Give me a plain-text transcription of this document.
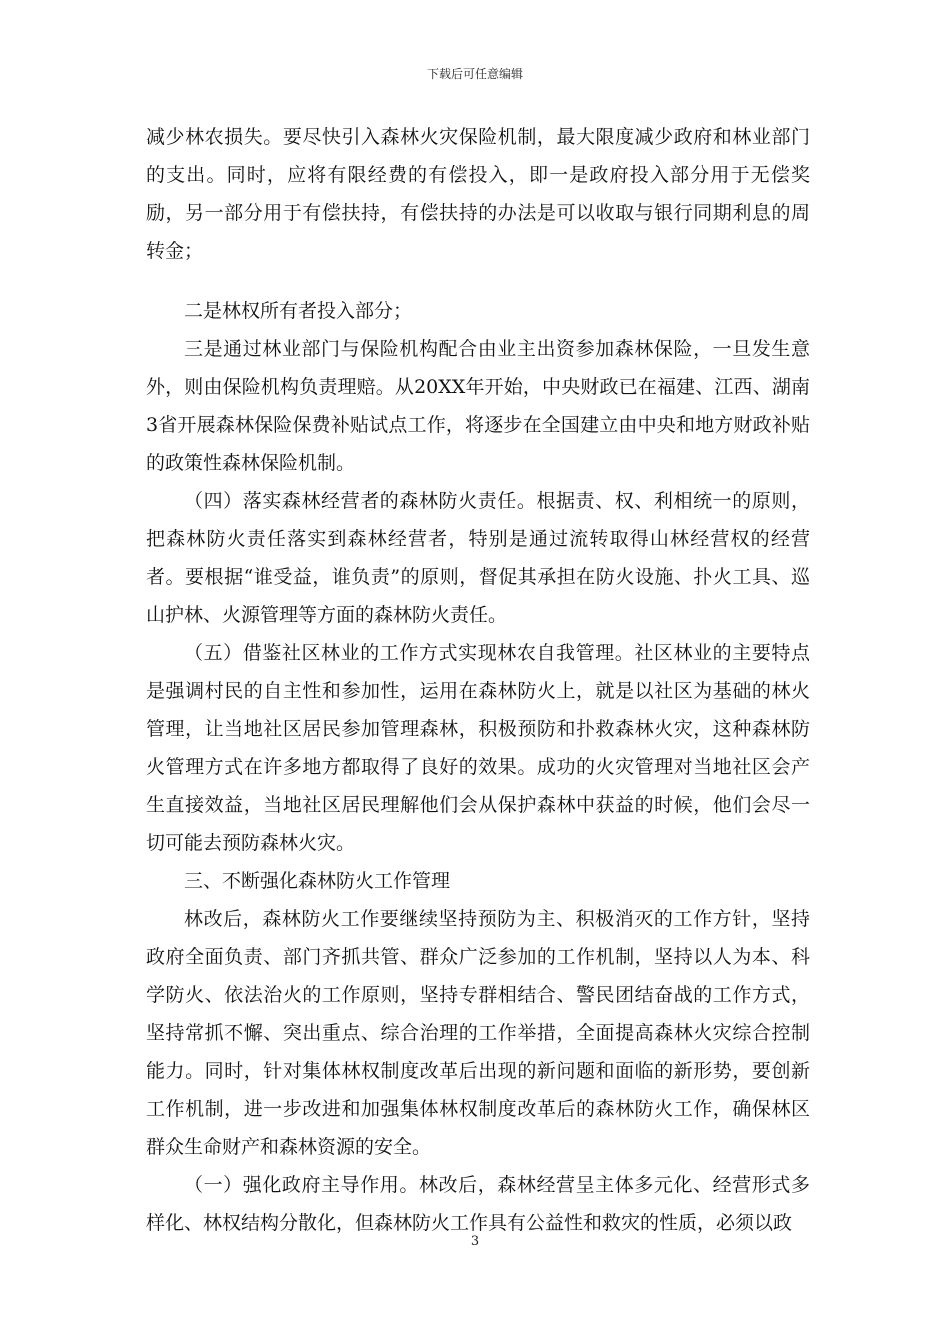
下载后可任意编辑

减少林农损失。要尽快引入森林火灾保险机制，最大限度减少政府和林业部门的支出。同时，应将有限经费的有偿投入，即一是政府投入部分用于无偿奖励，另一部分用于有偿扶持，有偿扶持的办法是可以收取与银行同期利息的周转金；

二是林权所有者投入部分；

三是通过林业部门与保险机构配合由业主出资参加森林保险，一旦发生意外，则由保险机构负责理赔。从20XX年开始，中央财政已在福建、江西、湖南3省开展森林保险保费补贴试点工作，将逐步在全国建立由中央和地方财政补贴的政策性森林保险机制。

（四）落实森林经营者的森林防火责任。根据责、权、利相统一的原则，把森林防火责任落实到森林经营者，特别是通过流转取得山林经营权的经营者。要根据“谁受益，谁负责”的原则，督促其承担在防火设施、扑火工具、巡山护林、火源管理等方面的森林防火责任。

（五）借鉴社区林业的工作方式实现林农自我管理。社区林业的主要特点是强调村民的自主性和参加性，运用在森林防火上，就是以社区为基础的林火管理，让当地社区居民参加管理森林，积极预防和扑救森林火灾，这种森林防火管理方式在许多地方都取得了良好的效果。成功的火灾管理对当地社区会产生直接效益，当地社区居民理解他们会从保护森林中获益的时候，他们会尽一切可能去预防森林火灾。

三、不断强化森林防火工作管理

林改后，森林防火工作要继续坚持预防为主、积极消灭的工作方针，坚持政府全面负责、部门齐抓共管、群众广泛参加的工作机制，坚持以人为本、科学防火、依法治火的工作原则，坚持专群相结合、警民团结奋战的工作方式，坚持常抓不懈、突出重点、综合治理的工作举措，全面提高森林火灾综合控制能力。同时，针对集体林权制度改革后出现的新问题和面临的新形势，要创新工作机制，进一步改进和加强集体林权制度改革后的森林防火工作，确保林区群众生命财产和森林资源的安全。

（一）强化政府主导作用。林改后，森林经营呈主体多元化、经营形式多样化、林权结构分散化，但森林防火工作具有公益性和救灾的性质，必须以政

3
